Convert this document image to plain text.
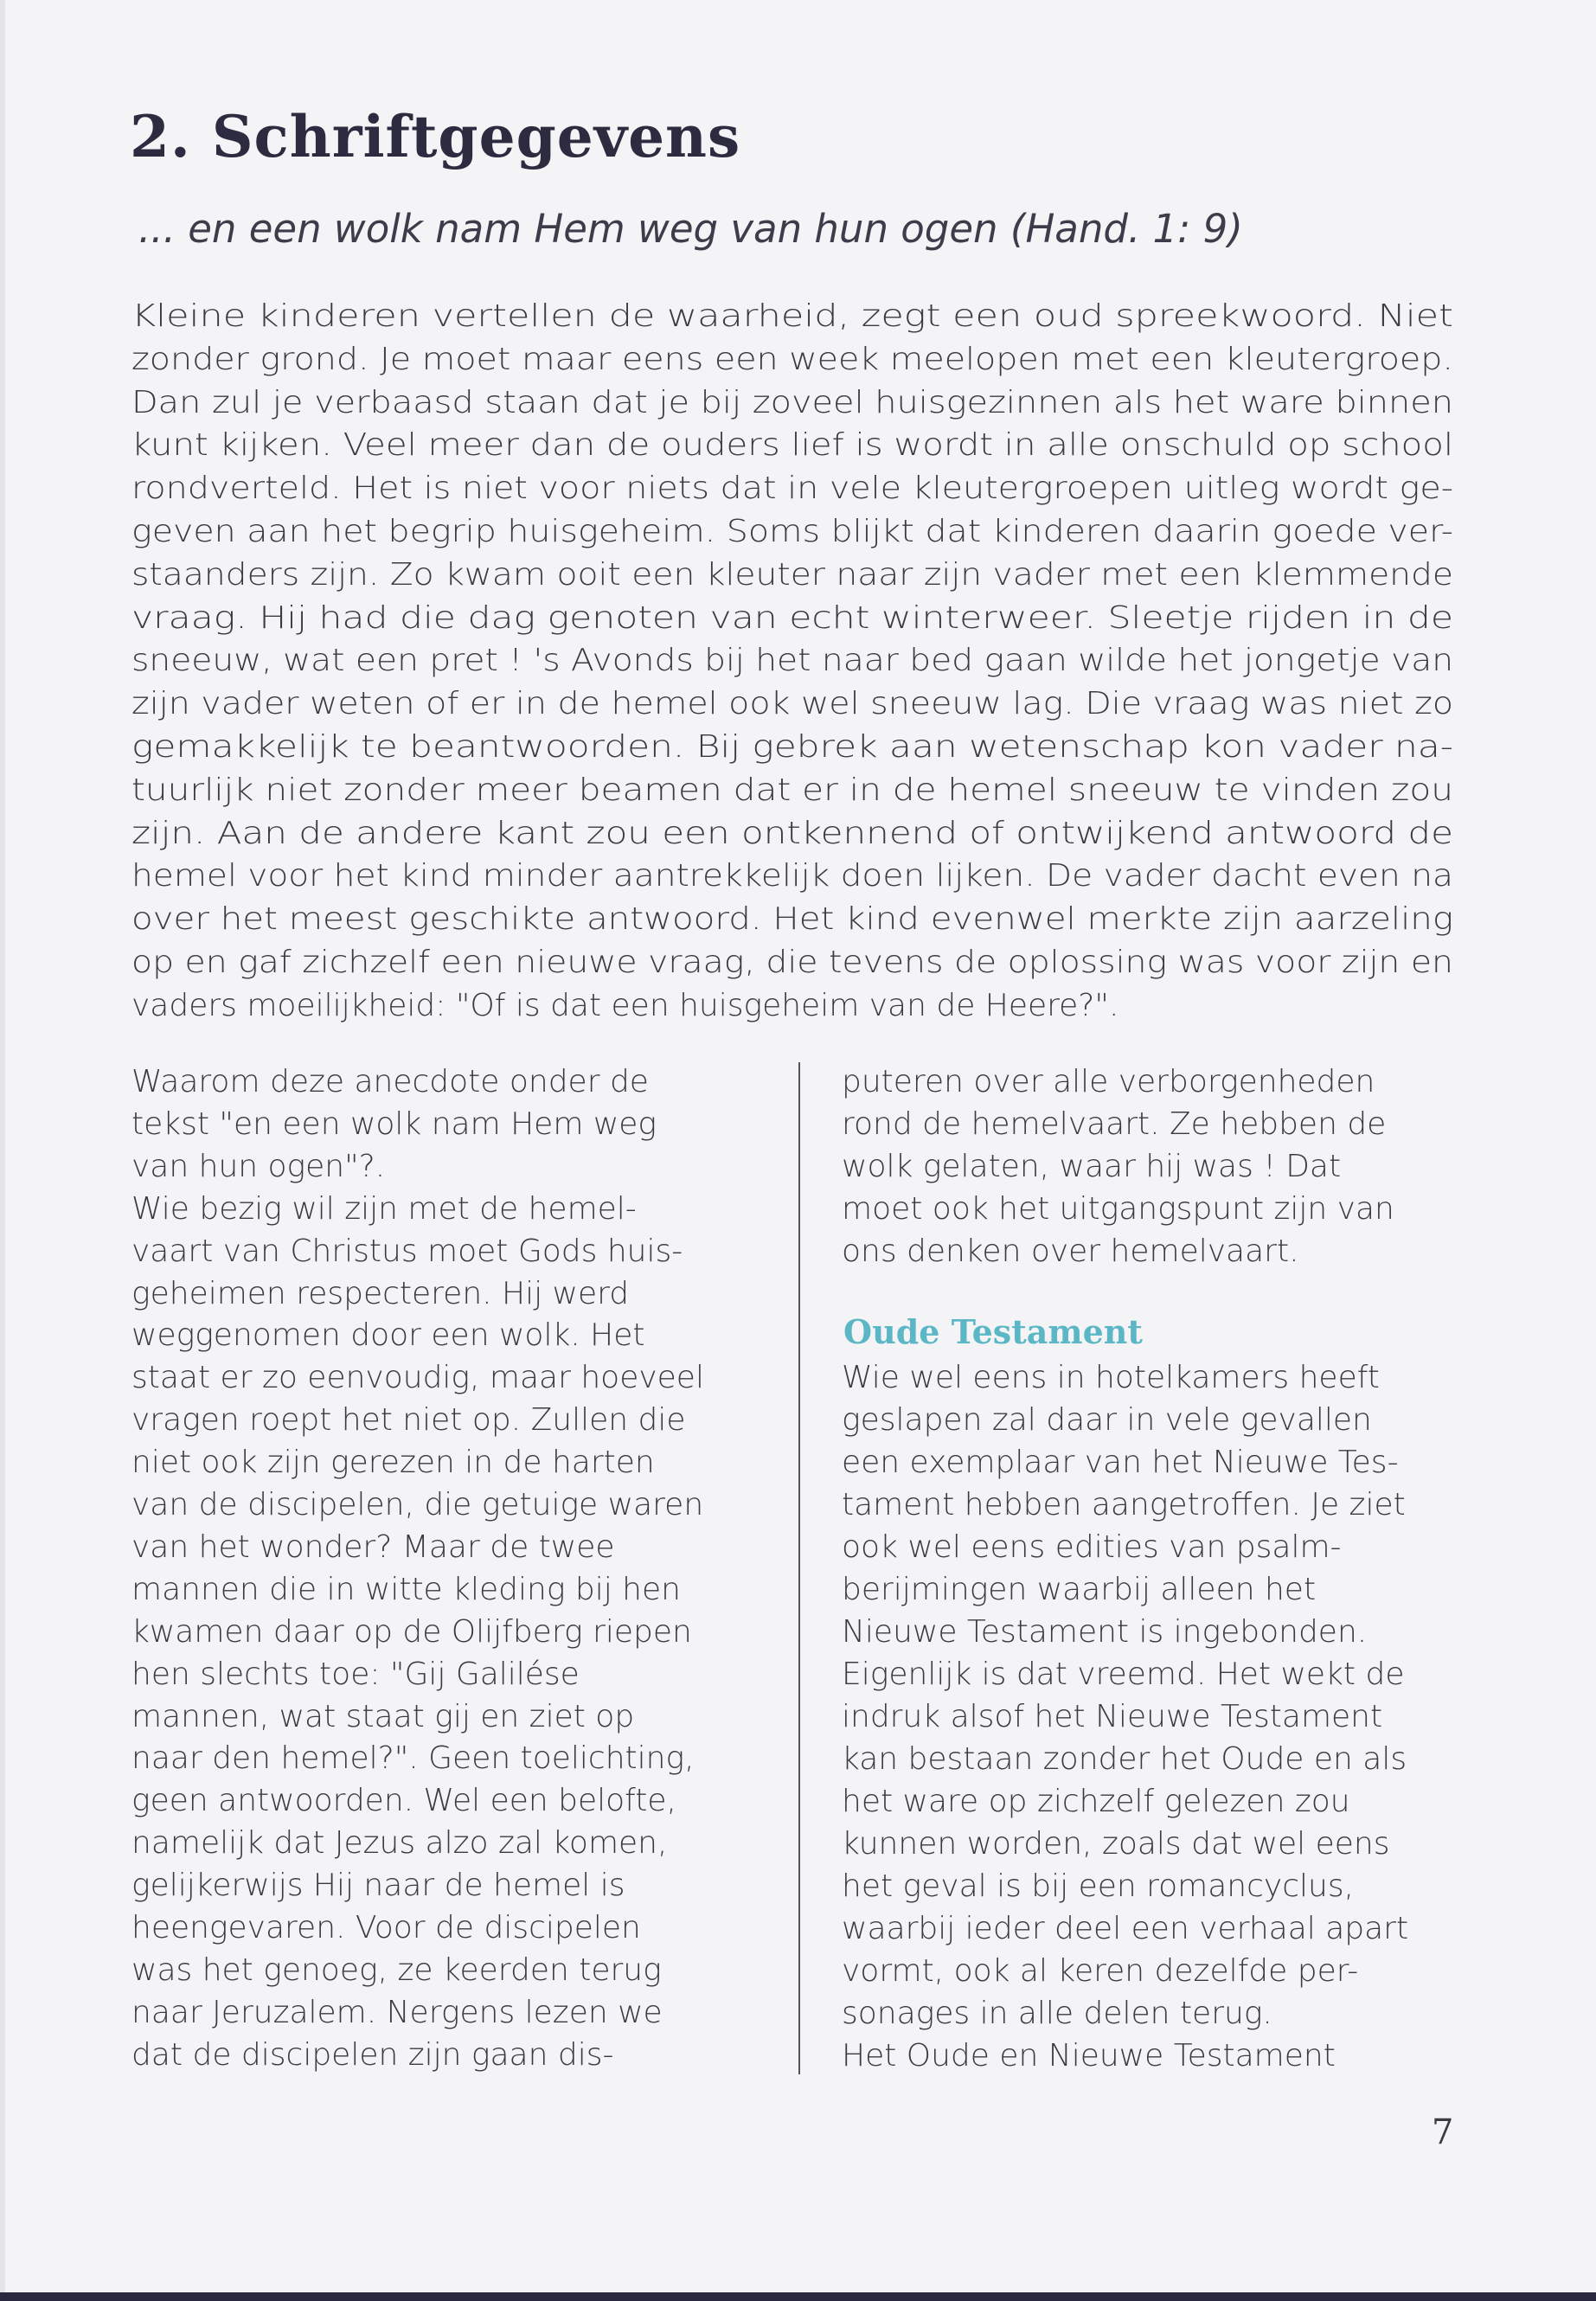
2. Schriftgegevens

... en een wolk nam Hem weg van hun ogen (Hand. 1: 9)

Kleine kinderen vertellen de waarheid, zegt een oud spreekwoord. Niet
zonder grond. Je moet maar eens een week meelopen met een kleutergroep.
Dan zul je verbaasd staan dat je bij zoveel huisgezinnen als het ware binnen
kunt kijken. Veel meer dan de ouders lief is wordt in alle onschuld op school
rondverteld. Het is niet voor niets dat in vele kleutergroepen uitleg wordt ge-
geven aan het begrip huisgeheim. Soms blijkt dat kinderen daarin goede ver-
staanders zijn. Zo kwam ooit een kleuter naar zijn vader met een klemmende
vraag. Hij had die dag genoten van echt winterweer. Sleetje rijden in de
sneeuw, wat een pret ! 's Avonds bij het naar bed gaan wilde het jongetje van
zijn vader weten of er in de hemel ook wel sneeuw lag. Die vraag was niet zo
gemakkelijk te beantwoorden. Bij gebrek aan wetenschap kon vader na-
tuurlijk niet zonder meer beamen dat er in de hemel sneeuw te vinden zou
zijn. Aan de andere kant zou een ontkennend of ontwijkend antwoord de
hemel voor het kind minder aantrekkelijk doen lijken. De vader dacht even na
over het meest geschikte antwoord. Het kind evenwel merkte zijn aarzeling
op en gaf zichzelf een nieuwe vraag, die tevens de oplossing was voor zijn en
vaders moeilijkheid: "Of is dat een huisgeheim van de Heere?".
Waarom deze anecdote onder de
tekst "en een wolk nam Hem weg
van hun ogen"?.
Wie bezig wil zijn met de hemel-
vaart van Christus moet Gods huis-
geheimen respecteren. Hij werd
weggenomen door een wolk. Het
staat er zo eenvoudig, maar hoeveel
vragen roept het niet op. Zullen die
niet ook zijn gerezen in de harten
van de discipelen, die getuige waren
van het wonder? Maar de twee
mannen die in witte kleding bij hen
kwamen daar op de Olijfberg riepen
hen slechts toe: "Gij Galilése
mannen, wat staat gij en ziet op
naar den hemel?". Geen toelichting,
geen antwoorden. Wel een belofte,
namelijk dat Jezus alzo zal komen,
gelijkerwijs Hij naar de hemel is
heengevaren. Voor de discipelen
was het genoeg, ze keerden terug
naar Jeruzalem. Nergens lezen we
dat de discipelen zijn gaan dis-
puteren over alle verborgenheden
rond de hemelvaart. Ze hebben de
wolk gelaten, waar hij was ! Dat
moet ook het uitgangspunt zijn van
ons denken over hemelvaart.
Oude Testament
Wie wel eens in hotelkamers heeft
geslapen zal daar in vele gevallen
een exemplaar van het Nieuwe Tes-
tament hebben aangetroffen. Je ziet
ook wel eens edities van psalm-
berijmingen waarbij alleen het
Nieuwe Testament is ingebonden.
Eigenlijk is dat vreemd. Het wekt de
indruk alsof het Nieuwe Testament
kan bestaan zonder het Oude en als
het ware op zichzelf gelezen zou
kunnen worden, zoals dat wel eens
het geval is bij een romancyclus,
waarbij ieder deel een verhaal apart
vormt, ook al keren dezelfde per-
sonages in alle delen terug.
Het Oude en Nieuwe Testament
7
